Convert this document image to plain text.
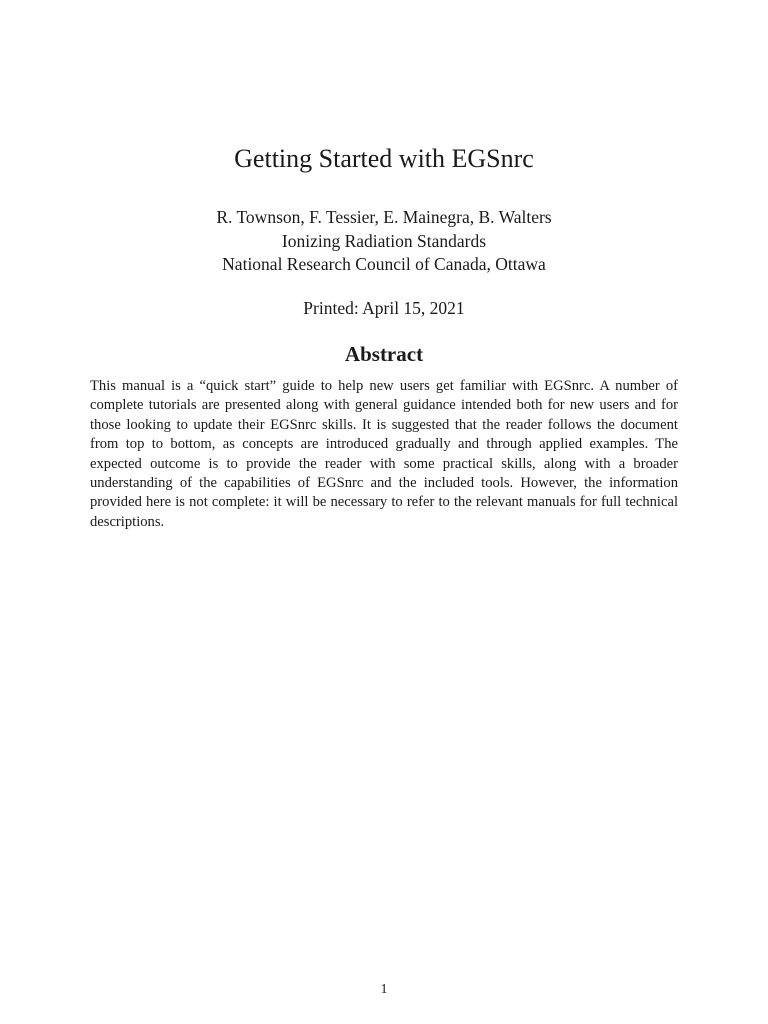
Getting Started with EGSnrc
R. Townson, F. Tessier, E. Mainegra, B. Walters
Ionizing Radiation Standards
National Research Council of Canada, Ottawa
Printed: April 15, 2021
Abstract

This manual is a “quick start” guide to help new users get familiar with EGSnrc. A number of complete tutorials are presented along with general guidance intended both for new users and for those looking to update their EGSnrc skills. It is suggested that the reader follows the document from top to bottom, as concepts are introduced gradually and through applied examples. The expected outcome is to provide the reader with some practical skills, along with a broader understanding of the capabilities of EGSnrc and the included tools. However, the information provided here is not complete: it will be necessary to refer to the relevant manuals for full technical descriptions.

1
